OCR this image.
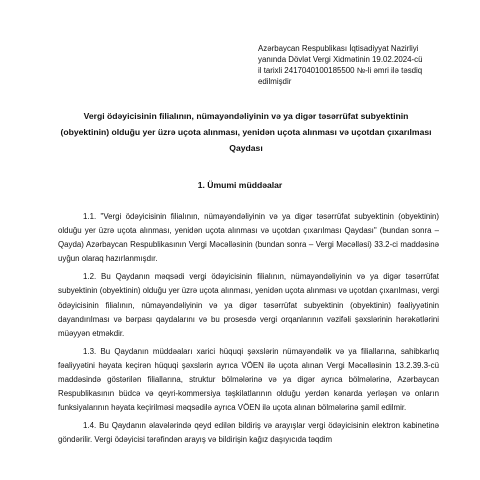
Azərbaycan Respublikası İqtisadiyyat Nazirliyi
yanında Dövlət Vergi Xidmətinin 19.02.2024-cü
il tarixli 2417040100185500 №-li əmri ilə təsdiq
edilmişdir
Vergi ödəyicisinin filialının, nümayəndəliyinin və ya digər təsərrüfat subyektinin (obyektinin) olduğu yer üzrə uçota alınması, yenidən uçota alınması və uçotdan çıxarılması Qaydası
1. Ümumi müddəalar

1.1. "Vergi ödəyicisinin filialının, nümayəndəliyinin və ya digər təsərrüfat subyektinin (obyektinin) olduğu yer üzrə uçota alınması, yenidən uçota alınması və uçotdan çıxarılması Qaydası" (bundan sonra – Qayda) Azərbaycan Respublikasının Vergi Məcəlləsinin (bundan sonra – Vergi Məcəlləsi) 33.2-ci maddəsinə uyğun olaraq hazırlanmışdır.

1.2. Bu Qaydanın məqsədi vergi ödəyicisinin filialının, nümayəndəliyinin və ya digər təsərrüfat subyektinin (obyektinin) olduğu yer üzrə uçota alınması, yenidən uçota alınması və uçotdan çıxarılması, vergi ödəyicisinin filialının, nümayəndəliyinin və ya digər təsərrüfat subyektinin (obyektinin) fəaliyyətinin dayandırılması və bərpası qaydalarını və bu prosesdə vergi orqanlarının vəzifəli şəxslərinin hərəkətlərini müəyyən etməkdir.

1.3. Bu Qaydanın müddəaları xarici hüquqi şəxslərin nümayəndəlik və ya filiallarına, sahibkarlıq fəaliyyətini həyata keçirən hüquqi şəxslərin ayrıca VÖEN ilə uçota alınan Vergi Məcəlləsinin 13.2.39.3-cü maddəsində göstərilən filiallarına, struktur bölmələrinə və ya digər ayrıca bölmələrinə, Azərbaycan Respublikasının büdcə və qeyri-kommersiya təşkilatlarının olduğu yerdən kənarda yerləşən və onların funksiyalarının həyata keçirilməsi məqsədilə ayrıca VÖEN ilə uçota alınan bölmələrinə şamil edilmir.

1.4. Bu Qaydanın əlavələrində qeyd edilən bildiriş və arayışlar vergi ödəyicisinin elektron kabinetinə göndərilir. Vergi ödəyicisi tərəfindən arayış və bildirişin kağız daşıyıcıda təqdim
